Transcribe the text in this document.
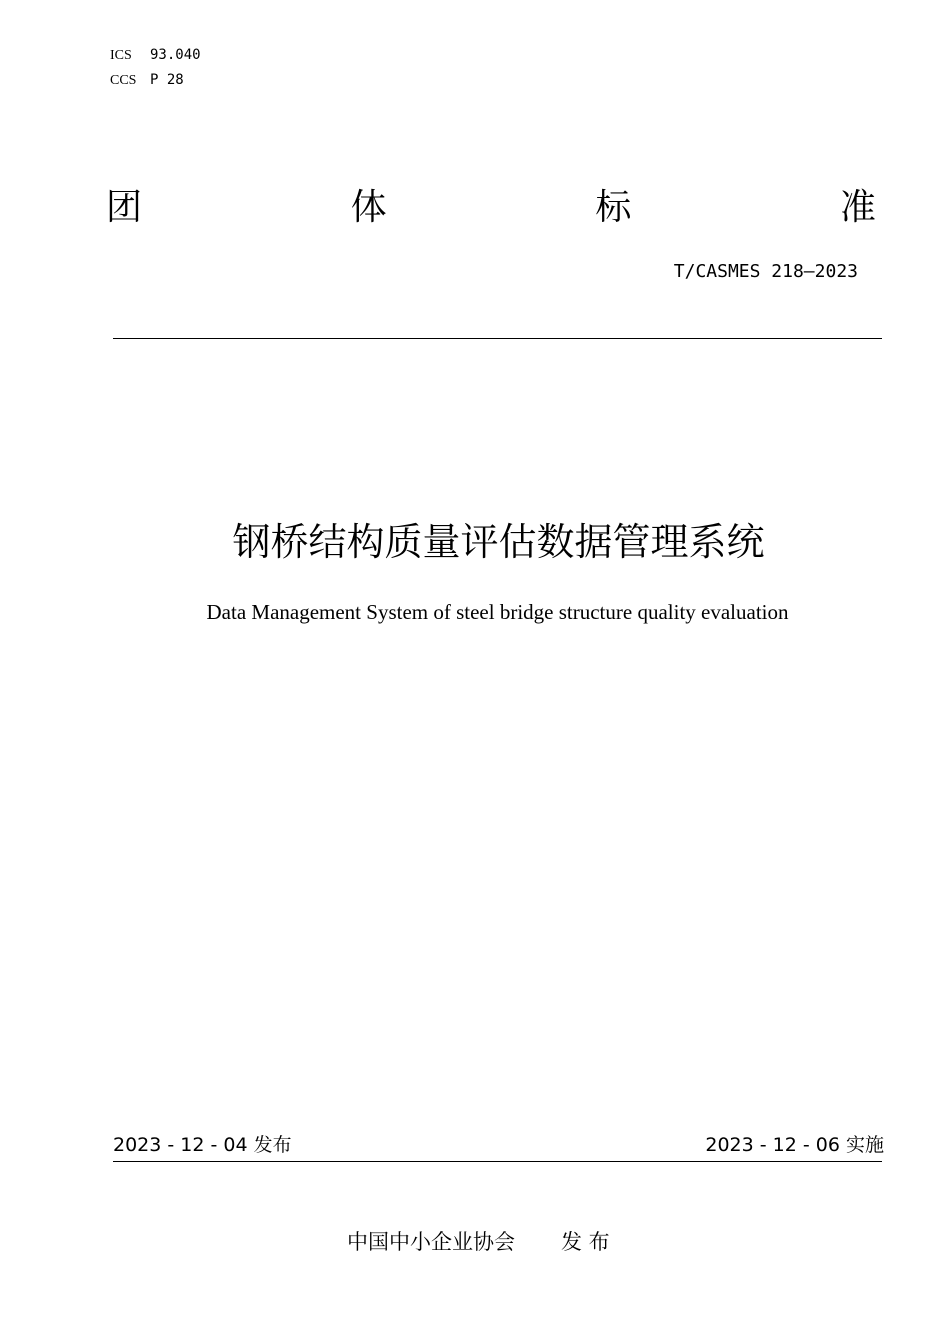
ICS 93.040
CCS P 28
团	体	标	准
T/CASMES 218—2023
钢桥结构质量评估数据管理系统
Data Management System of steel bridge structure quality evaluation
2023 - 12 - 04 发布	2023 - 12 - 06 实施
中国中小企业协会 发 布
